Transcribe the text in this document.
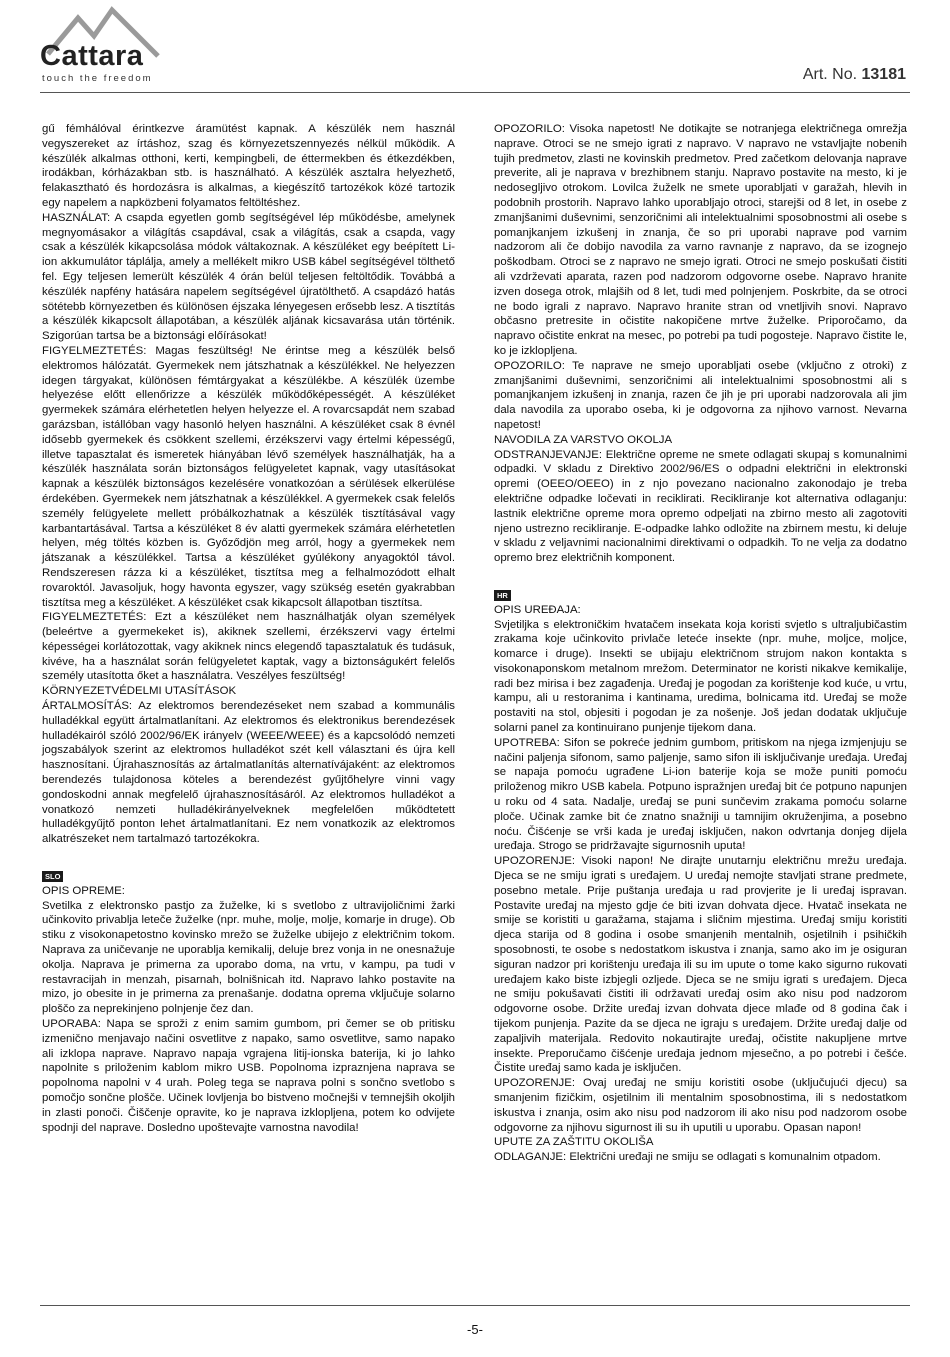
Cattara
touch the freedom	Art. No. 13181

gű fémhálóval érintkezve áramütést kapnak. A készülék nem használ vegyszereket az írtáshoz, szag és környezetszennyezés nélkül működik. A készülék alkalmas otthoni, kerti, kempingbeli, de éttermekben és étkezdékben, irodákban, kórházakban stb. is használható. A készülék asztalra helyezhető, felakasztható és hordozásra is alkalmas, a kiegészítő tartozékok közé tartozik egy napelem a napközbeni folyamatos feltöltéshez.

HASZNÁLAT: A csapda egyetlen gomb segítségével lép működésbe, amelynek megnyomásakor a világítás csapdával, csak a világítás, csak a csapda, vagy csak a készülék kikapcsolása módok váltakoznak. A készüléket egy beépített Li-ion akkumulátor táplálja, amely a mellékelt mikro USB kábel segítségével tölthető fel. Egy teljesen lemerült készülék 4 órán belül teljesen feltöltődik. Továbbá a készülék napfény hatására napelem segítségével újratölthető. A csapdázó hatás sötétebb környezetben és különösen éjszaka lényegesen erősebb lesz. A tisztítás a készülék kikapcsolt állapotában, a készülék aljának kicsavarása után történik. Szigorúan tartsa be a biztonsági előírásokat!

FIGYELMEZTETÉS: Magas feszültség! Ne érintse meg a készülék belső elektromos hálózatát. Gyermekek nem játszhatnak a készülékkel. Ne helyezzen idegen tárgyakat, különösen fémtárgyakat a készülékbe. A készülék üzembe helyezése előtt ellenőrizze a készülék működőképességét. A készüléket gyermekek számára elérhetetlen helyen helyezze el. A rovarcsapdát nem szabad garázsban, istállóban vagy hasonló helyen használni. A készüléket csak 8 évnél idősebb gyermekek és csökkent szellemi, érzékszervi vagy értelmi képességű, illetve tapasztalat és ismeretek hiányában lévő személyek használhatják, ha a készülék használata során biztonságos felügyeletet kapnak, vagy utasításokat kapnak a készülék biztonságos kezelésére vonatkozóan a sérülések elkerülése érdekében. Gyermekek nem játszhatnak a készülékkel. A gyermekek csak felelős személy felügyelete mellett próbálkozhatnak a készülék tisztításával vagy karbantartásával. Tartsa a készüléket 8 év alatti gyermekek számára elérhetetlen helyen, még töltés közben is. Győződjön meg arról, hogy a gyermekek nem játszanak a készülékkel. Tartsa a készüléket gyúlékony anyagoktól távol. Rendszeresen rázza ki a készüléket, tisztítsa meg a felhalmozódott elhalt rovaroktól. Javasoljuk, hogy havonta egyszer, vagy szükség esetén gyakrabban tisztítsa meg a készüléket. A készüléket csak kikapcsolt állapotban tisztítsa.

FIGYELMEZTETÉS: Ezt a készüléket nem használhatják olyan személyek (beleértve a gyermekeket is), akiknek szellemi, érzékszervi vagy értelmi képességei korlátozottak, vagy akiknek nincs elegendő tapasztalatuk és tudásuk, kivéve, ha a használat során felügyeletet kaptak, vagy a biztonságukért felelős személy utasította őket a használatra. Veszélyes feszültség!

KÖRNYEZETVÉDELMI UTASÍTÁSOK

ÁRTALMOSÍTÁS: Az elektromos berendezéseket nem szabad a kommunális hulladékkal együtt ártalmatlanítani. Az elektromos és elektronikus berendezések hulladékairól szóló 2002/96/EK irányelv (WEEE/WEEE) és a kapcsolódó nemzeti jogszabályok szerint az elektromos hulladékot szét kell választani és újra kell hasznosítani. Újrahasznosítás az ártalmatlanítás alternatívájaként: az elektromos berendezés tulajdonosa köteles a berendezést gyűjtőhelyre vinni vagy gondoskodni annak megfelelő újrahasznosításáról. Az elektromos hulladékot a vonatkozó nemzeti hulladékirányelveknek megfelelően működtetett hulladékgyűjtő ponton lehet ártalmatlanítani. Ez nem vonatkozik az elektromos alkatrészeket nem tartalmazó tartozékokra.

SLO

OPIS OPREME:

Svetilka z elektronsko pastjo za žuželke, ki s svetlobo z ultravijoličnimi žarki učinkovito privablja leteče žuželke (npr. muhe, molje, molje, komarje in druge). Ob stiku z visokonapetostno kovinsko mrežo se žuželke ubijejo z električnim tokom. Naprava za uničevanje ne uporablja kemikalij, deluje brez vonja in ne onesnažuje okolja. Naprava je primerna za uporabo doma, na vrtu, v kampu, pa tudi v restavracijah in menzah, pisarnah, bolnišnicah itd. Napravo lahko postavite na mizo, jo obesite in je primerna za prenašanje. dodatna oprema vključuje solarno ploščo za neprekinjeno polnjenje čez dan.

UPORABA: Napa se sproži z enim samim gumbom, pri čemer se ob pritisku izmenično menjavajo načini osvetlitve z napako, samo osvetlitve, samo napako ali izklopa naprave. Napravo napaja vgrajena litij-ionska baterija, ki jo lahko napolnite s priloženim kablom mikro USB. Popolnoma izpraznjena naprava se popolnoma napolni v 4 urah. Poleg tega se naprava polni s sončno svetlobo s pomočjo sončne plošče. Učinek lovljenja bo bistveno močnejši v temnejših okoljih in zlasti ponoči. Čiščenje opravite, ko je naprava izklopljena, potem ko odvijete spodnji del naprave. Dosledno upoštevajte varnostna navodila!

OPOZORILO: Visoka napetost! Ne dotikajte se notranjega električnega omrežja naprave. Otroci se ne smejo igrati z napravo. V napravo ne vstavljajte nobenih tujih predmetov, zlasti ne kovinskih predmetov. Pred začetkom delovanja naprave preverite, ali je naprava v brezhibnem stanju. Napravo postavite na mesto, ki je nedosegljivo otrokom. Lovilca žuželk ne smete uporabljati v garažah, hlevih in podobnih prostorih. Napravo lahko uporabljajo otroci, starejši od 8 let, in osebe z zmanjšanimi duševnimi, senzoričnimi ali intelektualnimi sposobnostmi ali osebe s pomanjkanjem izkušenj in znanja, če so pri uporabi naprave pod varnim nadzorom ali če dobijo navodila za varno ravnanje z napravo, da se izognejo poškodbam. Otroci se z napravo ne smejo igrati. Otroci ne smejo poskušati čistiti ali vzdrževati aparata, razen pod nadzorom odgovorne osebe. Napravo hranite izven dosega otrok, mlajših od 8 let, tudi med polnjenjem. Poskrbite, da se otroci ne bodo igrali z napravo. Napravo hranite stran od vnetljivih snovi. Napravo občasno pretresite in očistite nakopičene mrtve žuželke. Priporočamo, da napravo očistite enkrat na mesec, po potrebi pa tudi pogosteje. Napravo čistite le, ko je izklopljena.

OPOZORILO: Te naprave ne smejo uporabljati osebe (vključno z otroki) z zmanjšanimi duševnimi, senzoričnimi ali intelektualnimi sposobnostmi ali s pomanjkanjem izkušenj in znanja, razen če jih je pri uporabi nadzorovala ali jim dala navodila za uporabo oseba, ki je odgovorna za njihovo varnost. Nevarna napetost!

NAVODILA ZA VARSTVO OKOLJA

ODSTRANJEVANJE: Električne opreme ne smete odlagati skupaj s komunalnimi odpadki. V skladu z Direktivo 2002/96/ES o odpadni električni in elektronski opremi (OEEO/OEEO) in z njo povezano nacionalno zakonodajo je treba električne odpadke ločevati in reciklirati. Recikliranje kot alternativa odlaganju: lastnik električne opreme mora opremo odpeljati na zbirno mesto ali zagotoviti njeno ustrezno recikliranje. E-odpadke lahko odložite na zbirnem mestu, ki deluje v skladu z veljavnimi nacionalnimi direktivami o odpadkih. To ne velja za dodatno opremo brez električnih komponent.

HR

OPIS UREĐAJA:

Svjetiljka s elektroničkim hvatačem insekata koja koristi svjetlo s ultraljubičastim zrakama koje učinkovito privlače leteće insekte (npr. muhe, moljce, moljce, komarce i druge). Insekti se ubijaju električnom strujom nakon kontakta s visokonaponskom metalnom mrežom. Determinator ne koristi nikakve kemikalije, radi bez mirisa i bez zagađenja. Uređaj je pogodan za korištenje kod kuće, u vrtu, kampu, ali u restoranima i kantinama, uredima, bolnicama itd. Uređaj se može postaviti na stol, objesiti i pogodan je za nošenje. Još jedan dodatak uključuje solarni panel za kontinuirano punjenje tijekom dana.

UPOTREBA: Sifon se pokreće jednim gumbom, pritiskom na njega izmjenjuju se načini paljenja sifonom, samo paljenje, samo sifon ili isključivanje uređaja. Uređaj se napaja pomoću ugrađene Li-ion baterije koja se može puniti pomoću priloženog mikro USB kabela. Potpuno ispražnjen uređaj bit će potpuno napunjen u roku od 4 sata. Nadalje, uređaj se puni sunčevim zrakama pomoću solarne ploče. Učinak zamke bit će znatno snažniji u tamnijim okruženjima, a posebno noću. Čišćenje se vrši kada je uređaj isključen, nakon odvrtanja donjeg dijela uređaja. Strogo se pridržavajte sigurnosnih uputa!

UPOZORENJE: Visoki napon! Ne dirajte unutarnju električnu mrežu uređaja. Djeca se ne smiju igrati s uređajem. U uređaj nemojte stavljati strane predmete, posebno metale. Prije puštanja uređaja u rad provjerite je li uređaj ispravan. Postavite uređaj na mjesto gdje će biti izvan dohvata djece. Hvatač insekata ne smije se koristiti u garažama, stajama i sličnim mjestima. Uređaj smiju koristiti djeca starija od 8 godina i osobe smanjenih mentalnih, osjetilnih i psihičkih sposobnosti, te osobe s nedostatkom iskustva i znanja, samo ako im je osiguran siguran nadzor pri korištenju uređaja ili su im upute o tome kako sigurno rukovati uređajem kako biste izbjegli ozljede. Djeca se ne smiju igrati s uređajem. Djeca ne smiju pokušavati čistiti ili održavati uređaj osim ako nisu pod nadzorom odgovorne osobe. Držite uređaj izvan dohvata djece mlađe od 8 godina čak i tijekom punjenja. Pazite da se djeca ne igraju s uređajem. Držite uređaj dalje od zapaljivih materijala. Redovito nokautirajte uređaj, očistite nakupljene mrtve insekte. Preporučamo čišćenje uređaja jednom mjesečno, a po potrebi i češće. Čistite uređaj samo kada je isključen.

UPOZORENJE: Ovaj uređaj ne smiju koristiti osobe (uključujući djecu) sa smanjenim fizičkim, osjetilnim ili mentalnim sposobnostima, ili s nedostatkom iskustva i znanja, osim ako nisu pod nadzorom ili ako nisu pod nadzorom osobe odgovorne za njihovu sigurnost ili su ih uputili u uporabu. Opasan napon!

UPUTE ZA ZAŠTITU OKOLIŠA

ODLAGANJE: Električni uređaji ne smiju se odlagati s komunalnim otpadom.

-5-
